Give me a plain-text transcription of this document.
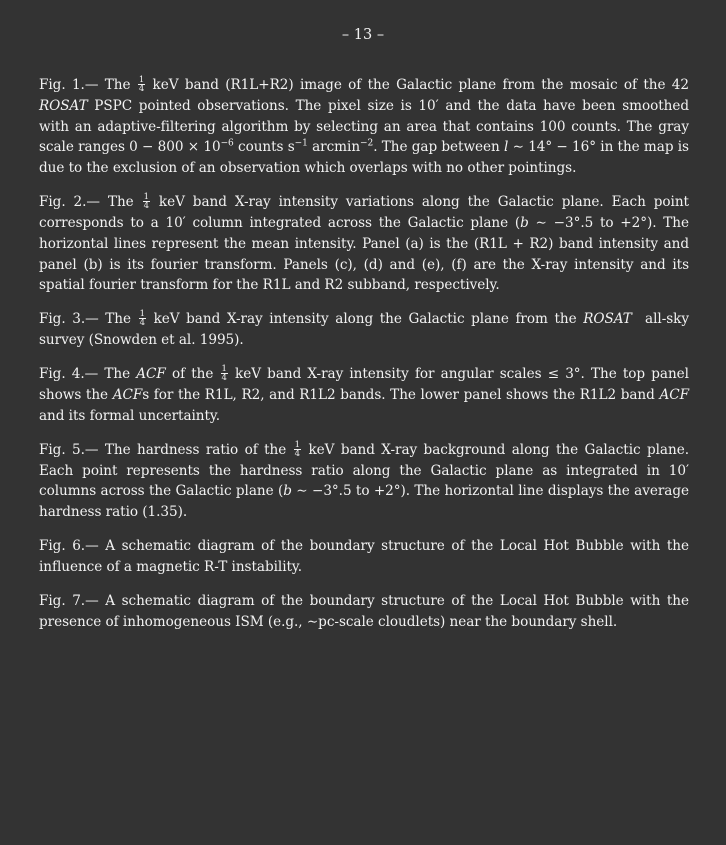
– 13 –

Fig. 1.— The $\frac{1}{4}$ keV band (R1L+R2) image of the Galactic plane from the mosaic of the 42 ROSAT PSPC pointed observations. The pixel size is 10′ and the data have been smoothed with an adaptive-filtering algorithm by selecting an area that contains 100 counts. The gray scale ranges $0 - 800 \times 10^{-6}$ counts $s^{-1}$ arcmin$^{-2}$. The gap between l ∼ 14° − 16° in the map is due to the exclusion of an observation which overlaps with no other pointings.

Fig. 2.— The $\frac{1}{4}$ keV band X-ray intensity variations along the Galactic plane. Each point corresponds to a 10′ column integrated across the Galactic plane (b ∼ −3°.5 to +2°). The horizontal lines represent the mean intensity. Panel (a) is the (R1L + R2) band intensity and panel (b) is its fourier transform. Panels (c), (d) and (e), (f) are the X-ray intensity and its spatial fourier transform for the R1L and R2 subband, respectively.

Fig. 3.— The $\frac{1}{4}$ keV band X-ray intensity along the Galactic plane from the ROSAT all-sky survey (Snowden et al. 1995).

Fig. 4.— The ACF of the $\frac{1}{4}$ keV band X-ray intensity for angular scales ≤ 3°. The top panel shows the ACFs for the R1L, R2, and R1L2 bands. The lower panel shows the R1L2 band ACF and its formal uncertainty.

Fig. 5.— The hardness ratio of the $\frac{1}{4}$ keV band X-ray background along the Galactic plane. Each point represents the hardness ratio along the Galactic plane as integrated in 10′ columns across the Galactic plane (b ∼ −3°.5 to +2°). The horizontal line displays the average hardness ratio (1.35).

Fig. 6.— A schematic diagram of the boundary structure of the Local Hot Bubble with the influence of a magnetic R-T instability.

Fig. 7.— A schematic diagram of the boundary structure of the Local Hot Bubble with the presence of inhomogeneous ISM (e.g., ∼pc-scale cloudlets) near the boundary shell.
